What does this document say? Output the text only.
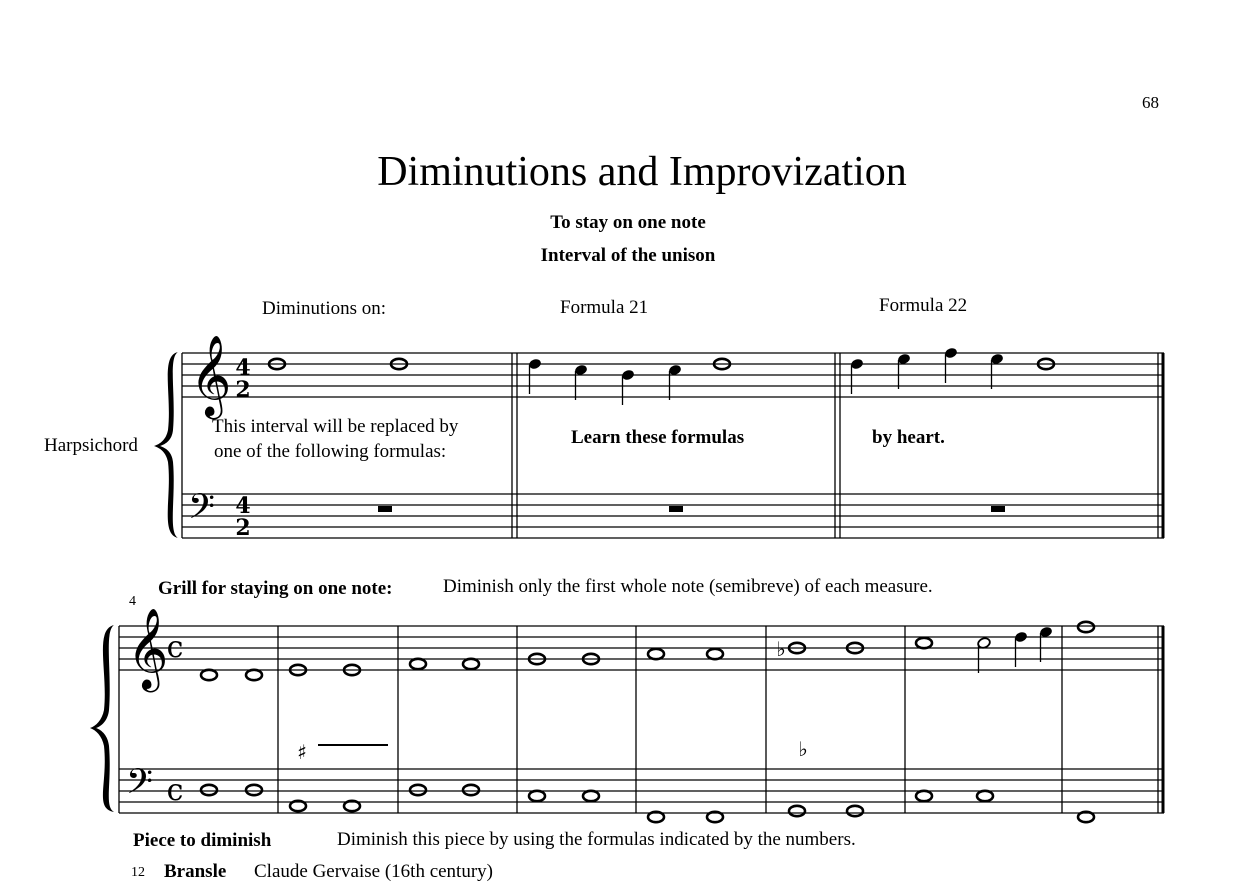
68
Diminutions and Improvization
To stay on one note
Interval of the unison
Diminutions on:	Formula 21	Formula 22
Harpsichord
This interval will be replaced by
one of the following formulas:
Learn these formulas	by heart.
4
Grill for staying on one note:	Diminish only the first whole note (semibreve) of each measure.
Piece to diminish	Diminish this piece by using the formulas indicated by the numbers.
12 Bransle Claude Gervaise (16th century)
𝄞
𝄢
𝄞
𝄢
4
2
4
2
c
c
♯	♭
♭
